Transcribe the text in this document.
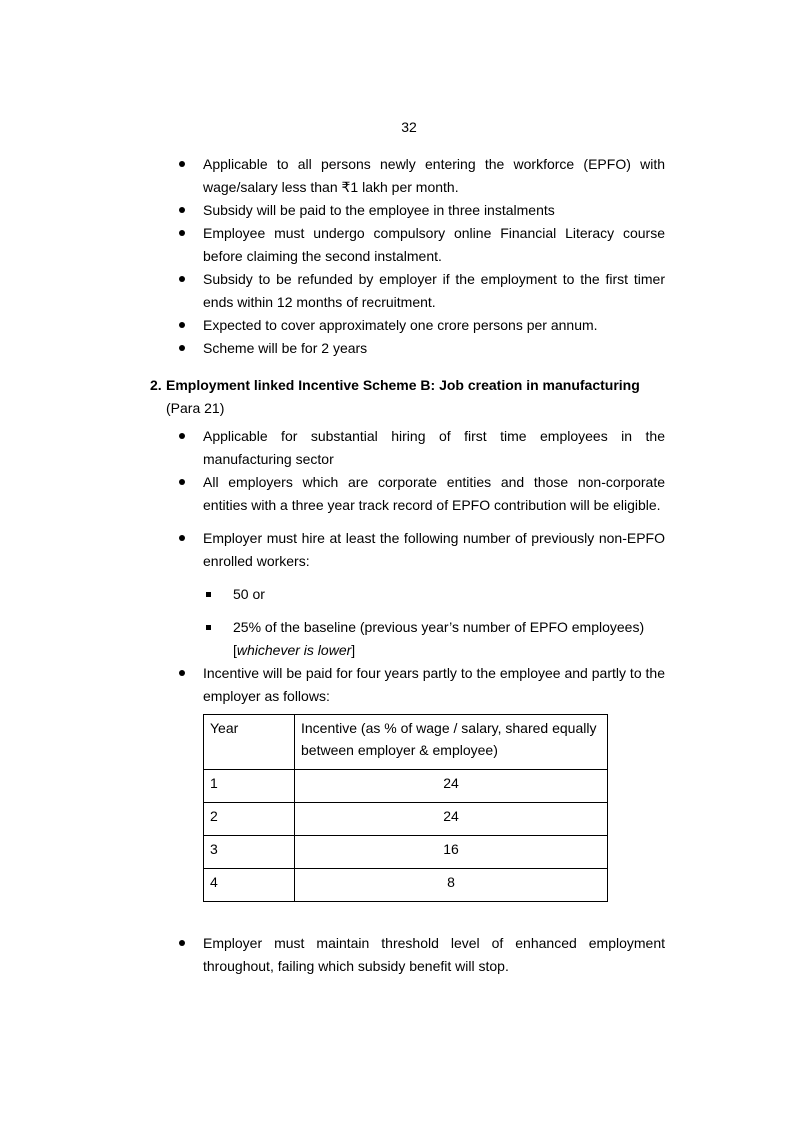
32
Applicable to all persons newly entering the workforce (EPFO) with wage/salary less than ₹1 lakh per month.
Subsidy will be paid to the employee in three instalments
Employee must undergo compulsory online Financial Literacy course before claiming the second instalment.
Subsidy to be refunded by employer if the employment to the first timer ends within 12 months of recruitment.
Expected to cover approximately one crore persons per annum.
Scheme will be for 2 years
2. Employment linked Incentive Scheme B: Job creation in manufacturing
(Para 21)
Applicable for substantial hiring of first time employees in the manufacturing sector
All employers which are corporate entities and those non-corporate entities with a three year track record of EPFO contribution will be eligible.
Employer must hire at least the following number of previously non-EPFO enrolled workers:
50 or
25% of the baseline (previous year’s number of EPFO employees)
[whichever is lower]
Incentive will be paid for four years partly to the employee and partly to the employer as follows:
Year	Incentive (as % of wage / salary, shared equally between employer & employee)
1	24
2	24
3	16
4	8
Employer must maintain threshold level of enhanced employment throughout, failing which subsidy benefit will stop.
